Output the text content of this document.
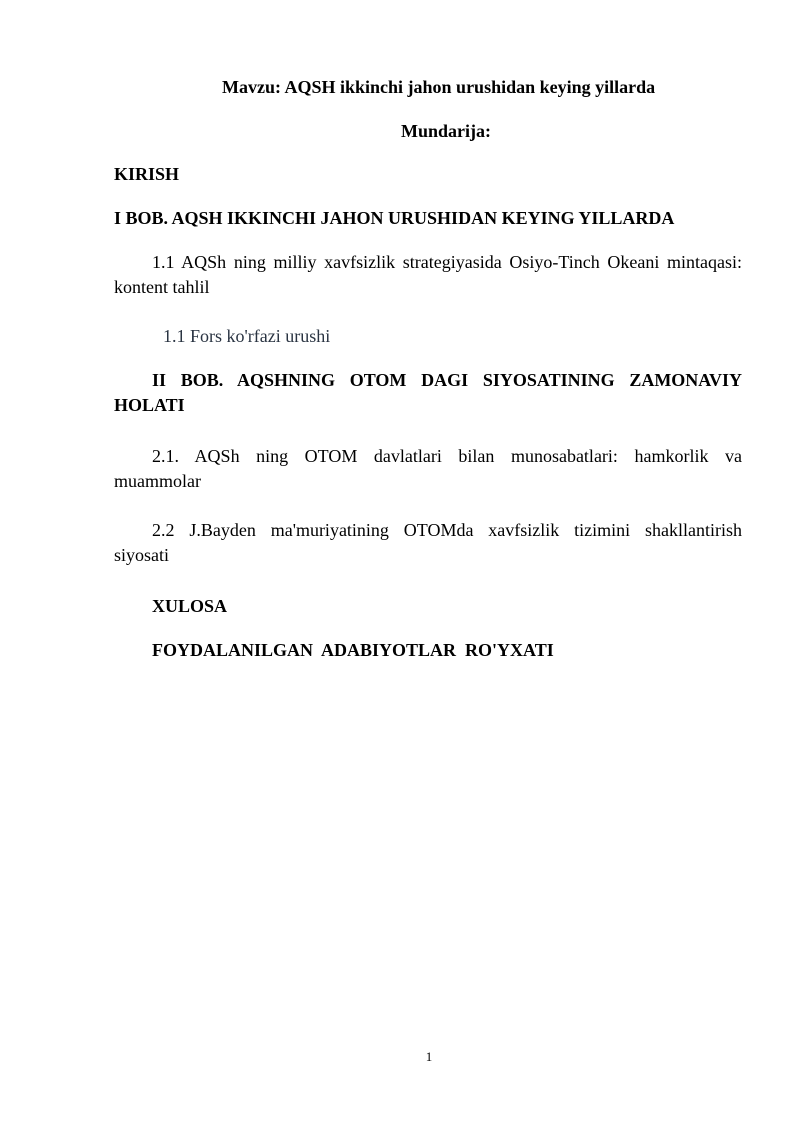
Mavzu: AQSH ikkinchi jahon urushidan keying yillarda
Mundarija:
KIRISH
I BOB. AQSH IKKINCHI JAHON URUSHIDAN KEYING YILLARDA
1.1 AQSh ning milliy xavfsizlik strategiyasida Osiyo-Tinch Okeani mintaqasi:
kontent tahlil
1.1 Fors ko'rfazi urushi
II BOB. AQSHNING OTOM DAGI SIYOSATINING ZAMONAVIY
HOLATI
2.1. AQSh ning OTOM davlatlari bilan munosabatlari: hamkorlik va
muammolar
2.2 J.Bayden ma'muriyatining OTOMda xavfsizlik tizimini shakllantirish
siyosati
XULOSA
FOYDALANILGAN  ADABIYOTLAR  RO'YXATI
1
